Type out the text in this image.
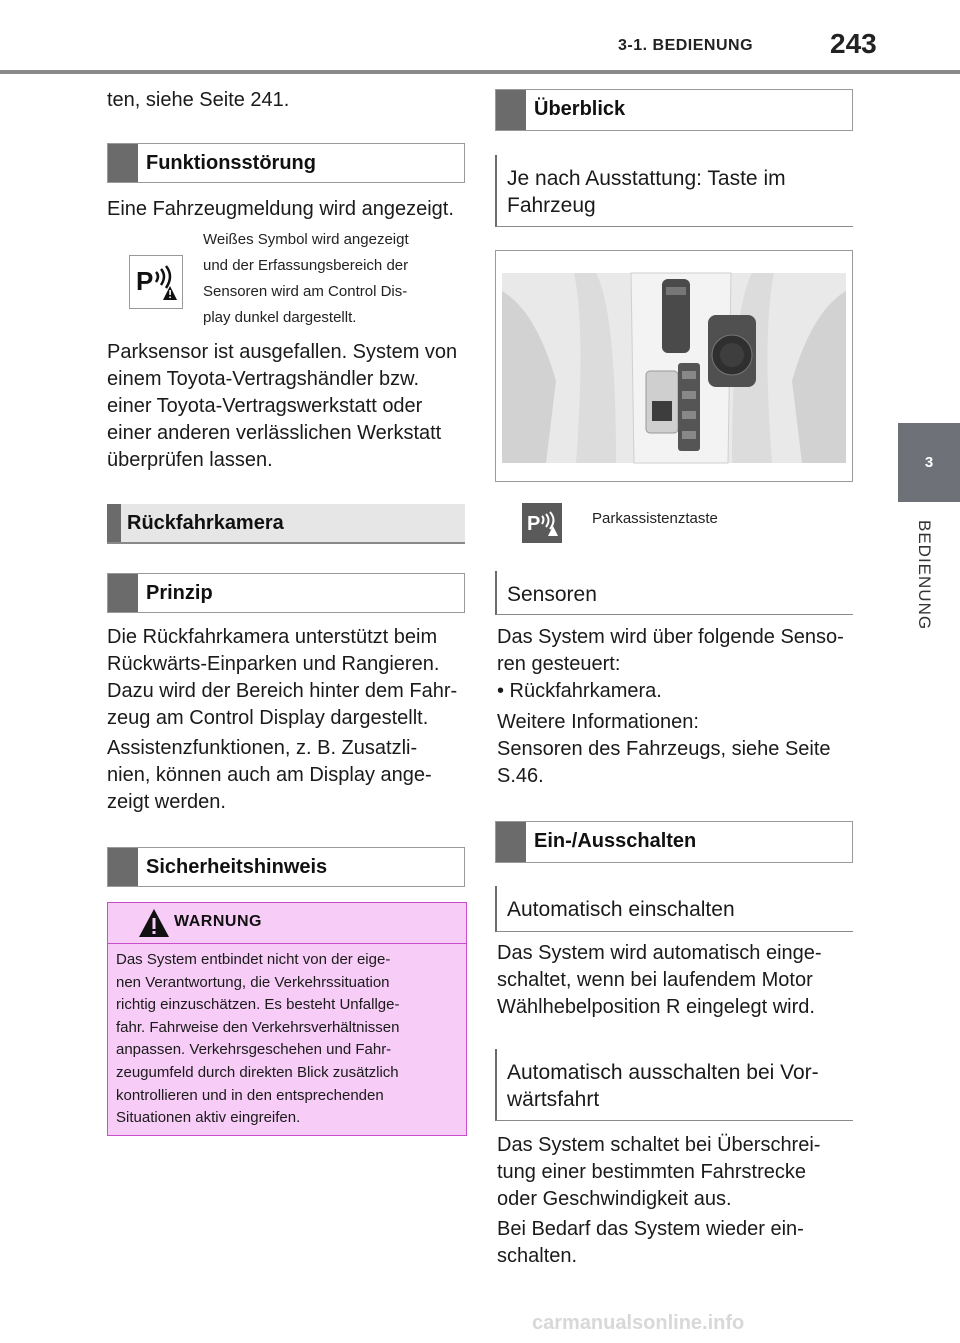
3-1. BEDIENUNG	243
3
BEDIENUNG
ten, siehe Seite 241.
Funktionsstörung
Eine Fahrzeugmeldung wird angezeigt.
P
Weißes Symbol wird angezeigt
und der Erfassungsbereich der
Sensoren wird am Control Dis-
play dunkel dargestellt.
Parksensor ist ausgefallen. System von
einem Toyota-Vertragshändler bzw.
einer Toyota-Vertragswerkstatt oder
einer anderen verlässlichen Werkstatt
überprüfen lassen.
Rückfahrkamera
Prinzip
Die Rückfahrkamera unterstützt beim
Rückwärts-Einparken und Rangieren.
Dazu wird der Bereich hinter dem Fahr-
zeug am Control Display dargestellt.
Assistenzfunktionen, z. B. Zusatzli-
nien, können auch am Display ange-
zeigt werden.
Sicherheitshinweis
WARNUNG
Das System entbindet nicht von der eige-
nen Verantwortung, die Verkehrssituation
richtig einzuschätzen. Es besteht Unfallge-
fahr. Fahrweise den Verkehrsverhältnissen
anpassen. Verkehrsgeschehen und Fahr-
zeugumfeld durch direkten Blick zusätzlich
kontrollieren und in den entsprechenden
Situationen aktiv eingreifen.
Überblick
Je nach Ausstattung: Taste im
Fahrzeug
P	Parkassistenztaste
Sensoren
Das System wird über folgende Senso-
ren gesteuert:
• Rückfahrkamera.
Weitere Informationen:
Sensoren des Fahrzeugs, siehe Seite
S.46.
Ein-/Ausschalten
Automatisch einschalten
Das System wird automatisch einge-
schaltet, wenn bei laufendem Motor
Wählhebelposition R eingelegt wird.
Automatisch ausschalten bei Vor-
wärtsfahrt
Das System schaltet bei Überschrei-
tung einer bestimmten Fahrstrecke
oder Geschwindigkeit aus.
Bei Bedarf das System wieder ein-
schalten.
carmanualsonline.info
